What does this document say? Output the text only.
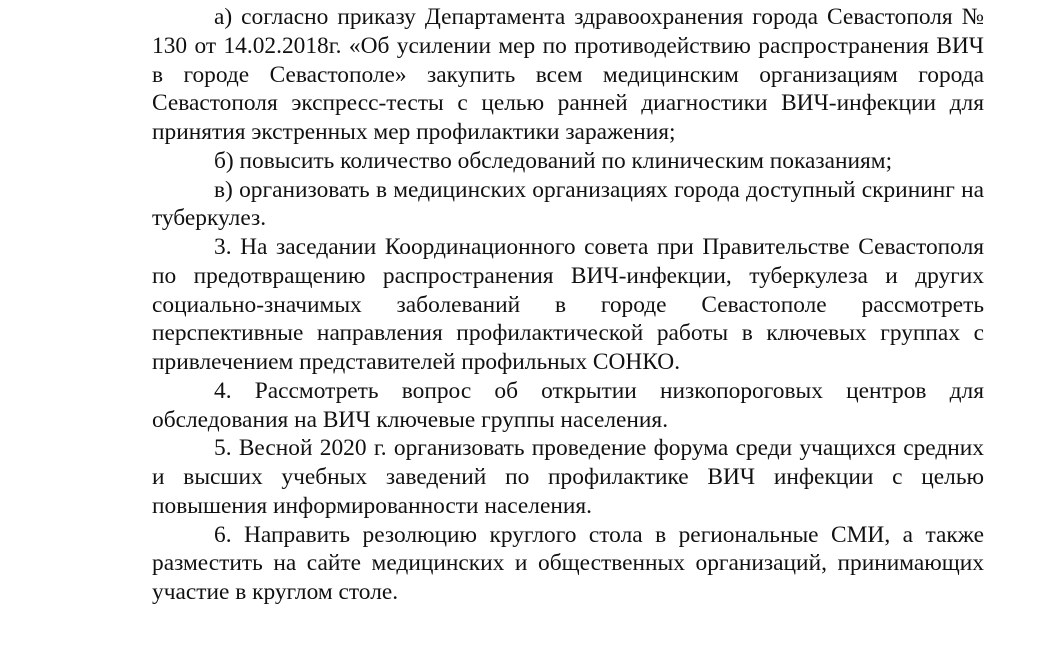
а) согласно приказу Департамента здравоохранения города Севастополя № 130 от 14.02.2018г. «Об усилении мер по противодействию распространения ВИЧ в городе Севастополе» закупить всем медицинским организациям города Севастополя экспресс-тесты с целью ранней диагностики ВИЧ-инфекции для принятия экстренных мер профилактики заражения;

б) повысить количество обследований по клиническим показаниям;

в) организовать в медицинских организациях города доступный скрининг на туберкулез.

3. На заседании Координационного совета при Правительстве Севастополя по предотвращению распространения ВИЧ-инфекции, туберкулеза и других социально-значимых заболеваний в городе Севастополе рассмотреть перспективные направления профилактической работы в ключевых группах с привлечением представителей профильных СОНКО.

4. Рассмотреть вопрос об открытии низкопороговых центров для обследования на ВИЧ ключевые группы населения.

5. Весной 2020 г. организовать проведение форума среди учащихся средних и высших учебных заведений по профилактике ВИЧ инфекции с целью повышения информированности населения.

6. Направить резолюцию круглого стола в региональные СМИ, а также разместить на сайте медицинских и общественных организаций, принимающих участие в круглом столе.
